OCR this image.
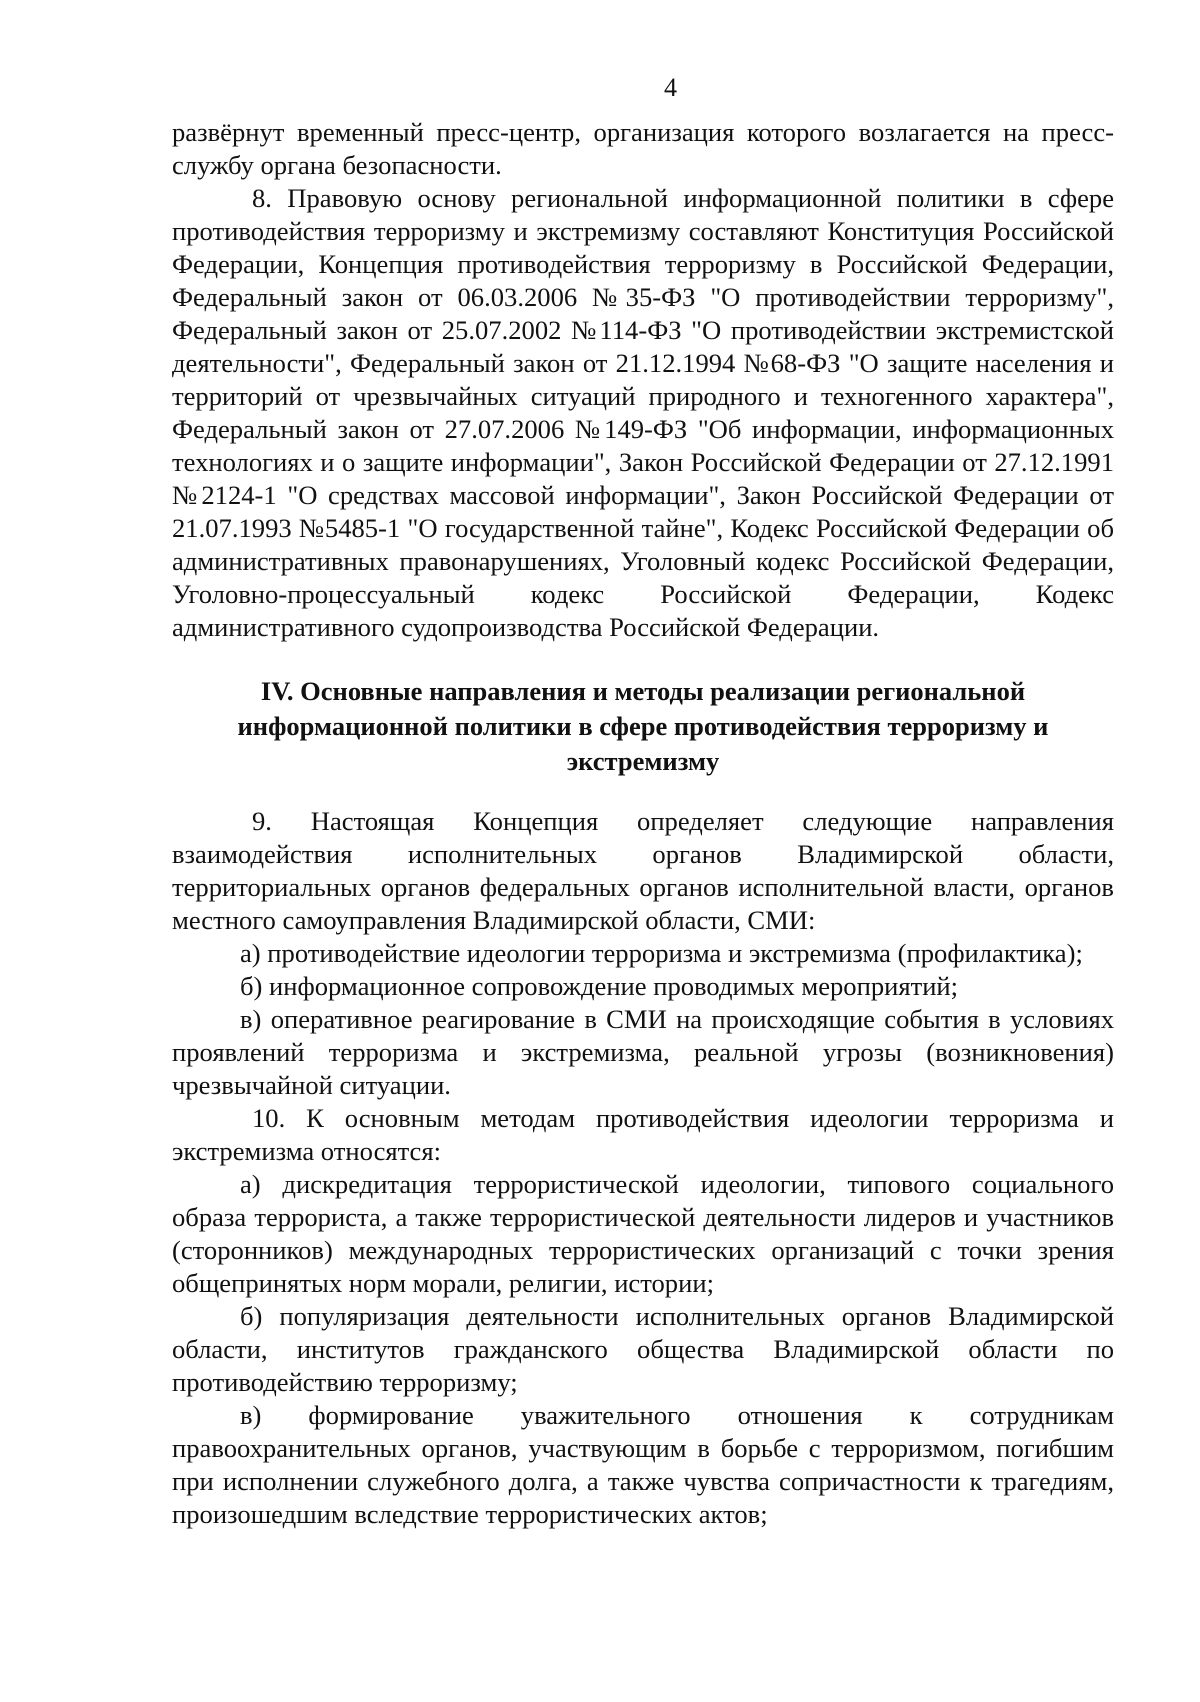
4

развёрнут временный пресс-центр, организация которого возлагается на пресс-службу органа безопасности.

8. Правовую основу региональной информационной политики в сфере противодействия терроризму и экстремизму составляют Конституция Российской Федерации, Концепция противодействия терроризму в Российской Федерации, Федеральный закон от 06.03.2006 №35-ФЗ "О противодействии терроризму", Федеральный закон от 25.07.2002 №114-ФЗ "О противодействии экстремистской деятельности", Федеральный закон от 21.12.1994 №68-ФЗ "О защите населения и территорий от чрезвычайных ситуаций природного и техногенного характера", Федеральный закон от 27.07.2006 №149-ФЗ "Об информации, информационных технологиях и о защите информации", Закон Российской Федерации от 27.12.1991 №2124-1 "О средствах массовой информации", Закон Российской Федерации от 21.07.1993 №5485-1 "О государственной тайне", Кодекс Российской Федерации об административных правонарушениях, Уголовный кодекс Российской Федерации, Уголовно-процессуальный кодекс Российской Федерации, Кодекс административного судопроизводства Российской Федерации.

IV. Основные направления и методы реализации региональной информационной политики в сфере противодействия терроризму и экстремизму

9. Настоящая Концепция определяет следующие направления взаимодействия исполнительных органов Владимирской области, территориальных органов федеральных органов исполнительной власти, органов местного самоуправления Владимирской области, СМИ:

а) противодействие идеологии терроризма и экстремизма (профилактика);

б) информационное сопровождение проводимых мероприятий;

в) оперативное реагирование в СМИ на происходящие события в условиях проявлений терроризма и экстремизма, реальной угрозы (возникновения) чрезвычайной ситуации.

10. К основным методам противодействия идеологии терроризма и экстремизма относятся:

а) дискредитация террористической идеологии, типового социального образа террориста, а также террористической деятельности лидеров и участников (сторонников) международных террористических организаций с точки зрения общепринятых норм морали, религии, истории;

б) популяризация деятельности исполнительных органов Владимирской области, институтов гражданского общества Владимирской области по противодействию терроризму;

в) формирование уважительного отношения к сотрудникам правоохранительных органов, участвующим в борьбе с терроризмом, погибшим при исполнении служебного долга, а также чувства сопричастности к трагедиям, произошедшим вследствие террористических актов;
